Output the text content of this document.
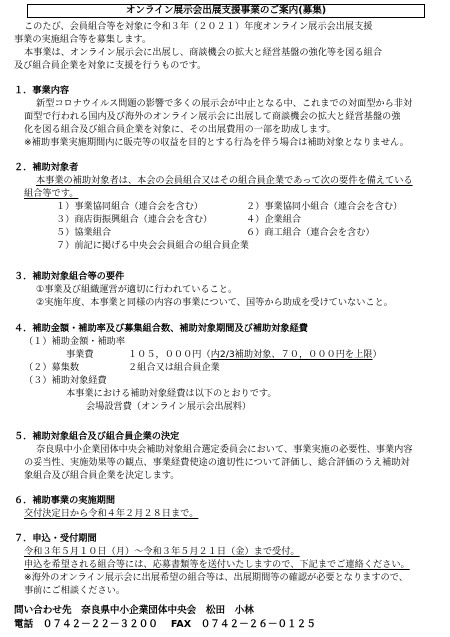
オンライン展示会出展支援事業のご案内(募集)

このたび、会員組合等を対象に令和３年（２０２１）年度オンライン展示会出展支援

事業の実施組合等を募集します。

本事業は、オンライン展示会に出展し、商談機会の拡大と経営基盤の強化等を図る組合

及び組合員企業を対象に支援を行うものです。

１．事業内容

新型コロナウイルス問題の影響で多くの展示会が中止となる中、これまでの対面型から非対

面型で行われる国内及び海外のオンライン展示会に出展して商談機会の拡大と経営基盤の強

化を図る組合及び組合員企業を対象に、その出展費用の一部を助成します。

※補助事業実施期間内に販売等の収益を目的とする行為を伴う場合は補助対象となりません。

２．補助対象者

本事業の補助対象者は、本会の会員組合又はその組合員企業であって次の要件を備えている

組合等です。

１）事業協同組合（連合会を含む）	２）事業協同小組合（連合会を含む）
３）商店街振興組合（連合会を含む）	４）企業組合
５）協業組合	６）商工組合（連合会を含む）

７）前記に掲げる中央会会員組合の組合員企業

３．補助対象組合等の要件

①事業及び組織運営が適切に行われていること。

②実施年度、本事業と同様の内容の事業について、国等から助成を受けていないこと。

４．補助金額・補助率及び募集組合数、補助対象期間及び補助対象経費

（１）補助金額・補助率

事業費	１０５，０００円（内2/3補助対象、７０，０００円を上限）
（２）募集数	２組合又は組合員企業

（３）補助対象経費

本事業における補助対象経費は以下のとおりです。

会場設営費（オンライン展示会出展料）

５．補助対象組合及び組合員企業の決定

奈良県中小企業団体中央会補助対象組合選定委員会において、事業実施の必要性、事業内容

の妥当性、実施効果等の観点、事業経費使途の適切性について評価し、総合評価のうえ補助対

象組合及び組合員企業を決定します。

６．補助事業の実施期間

交付決定日から令和４年２月２８日まで。

７．申込・受付期間

令和３年５月１０日（月）～令和３年５月２１日（金）まで受付。

申込を希望される組合等には、応募書類等を送付いたしますので、下記までご連絡ください。

※海外のオンライン展示会に出展希望の組合等は、出展期間等の確認が必要となりますので、

事前にご相談ください。

問い合わせ先　奈良県中小企業団体中央会　松田　小林

電話　０７４２－２２－３２００　 FAX　０７４２－２６－０１２５
